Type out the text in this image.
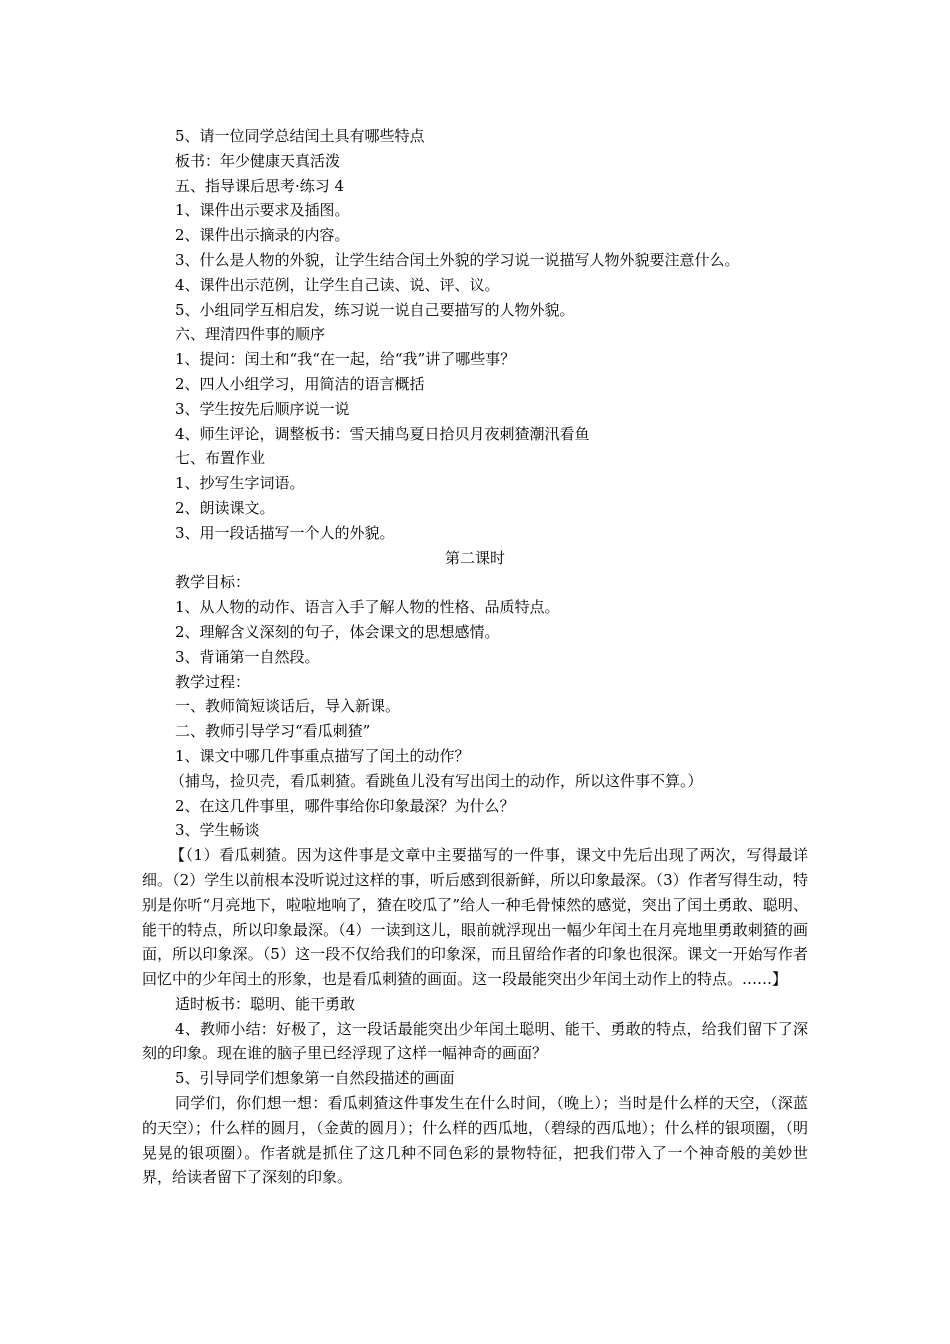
5、请一位同学总结闰土具有哪些特点
板书：年少健康天真活泼
五、指导课后思考·练习 4
1、课件出示要求及插图。
2、课件出示摘录的内容。
3、什么是人物的外貌，让学生结合闰土外貌的学习说一说描写人物外貌要注意什么。
4、课件出示范例，让学生自己读、说、评、议。
5、小组同学互相启发，练习说一说自己要描写的人物外貌。
六、理清四件事的顺序
1、提问：闰土和“我“在一起，给“我”讲了哪些事？
2、四人小组学习，用简洁的语言概括
3、学生按先后顺序说一说
4、师生评论，调整板书：雪天捕鸟夏日拾贝月夜刺猹潮汛看鱼
七、布置作业
1、抄写生字词语。
2、朗读课文。
3、用一段话描写一个人的外貌。
第二课时
教学目标：
1、从人物的动作、语言入手了解人物的性格、品质特点。
2、理解含义深刻的句子，体会课文的思想感情。
3、背诵第一自然段。
教学过程：
一、教师简短谈话后，导入新课。
二、教师引导学习“看瓜刺猹”
1、课文中哪几件事重点描写了闰土的动作？
（捕鸟，捡贝壳，看瓜刺猹。看跳鱼儿没有写出闰土的动作，所以这件事不算。）
2、在这几件事里，哪件事给你印象最深？为什么？
3、学生畅谈
【（1）看瓜刺猹。因为这件事是文章中主要描写的一件事，课文中先后出现了两次，写得最详细。（2）学生以前根本没听说过这样的事，听后感到很新鲜，所以印象最深。（3）作者写得生动，特别是你听“月亮地下，啦啦地响了，猹在咬瓜了”给人一种毛骨悚然的感觉，突出了闰土勇敢、聪明、能干的特点，所以印象最深。（4）一读到这儿，眼前就浮现出一幅少年闰土在月亮地里勇敢刺猹的画面，所以印象深。（5）这一段不仅给我们的印象深，而且留给作者的印象也很深。课文一开始写作者回忆中的少年闰土的形象，也是看瓜刺猹的画面。这一段最能突出少年闰土动作上的特点。……】
适时板书：聪明、能干勇敢
4、教师小结：好极了，这一段话最能突出少年闰土聪明、能干、勇敢的特点，给我们留下了深刻的印象。现在谁的脑子里已经浮现了这样一幅神奇的画面？
5、引导同学们想象第一自然段描述的画面
同学们，你们想一想：看瓜刺猹这件事发生在什么时间，（晚上）；当时是什么样的天空，（深蓝的天空）；什么样的圆月，（金黄的圆月）；什么样的西瓜地，（碧绿的西瓜地）；什么样的银项圈，（明晃晃的银项圈）。作者就是抓住了这几种不同色彩的景物特征，把我们带入了一个神奇般的美妙世界，给读者留下了深刻的印象。
